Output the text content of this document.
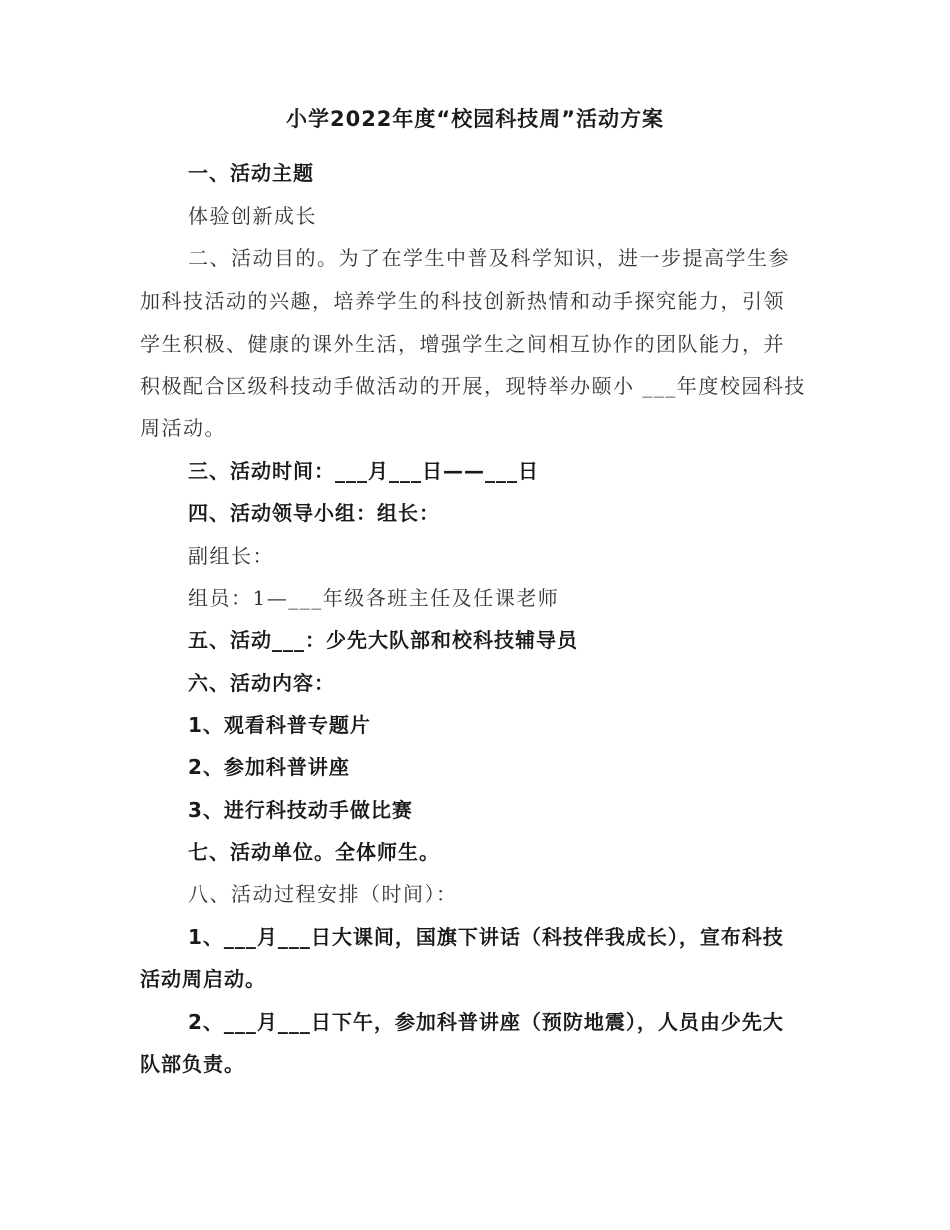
小学2022年度“校园科技周”活动方案
一、活动主题
体验创新成长
二、活动目的。为了在学生中普及科学知识，进一步提高学生参
加科技活动的兴趣，培养学生的科技创新热情和动手探究能力，引领
学生积极、健康的课外生活，增强学生之间相互协作的团队能力，并
积极配合区级科技动手做活动的开展，现特举办颐小 ___年度校园科技
周活动。
三、活动时间：___月___日——___日
四、活动领导小组：组长：
副组长：
组员：1—___年级各班主任及任课老师
五、活动___：少先大队部和校科技辅导员
六、活动内容：
1、观看科普专题片
2、参加科普讲座
3、进行科技动手做比赛
七、活动单位。全体师生。
八、活动过程安排（时间）：
1、___月___日大课间，国旗下讲话（科技伴我成长），宣布科技
活动周启动。
2、___月___日下午，参加科普讲座（预防地震），人员由少先大
队部负责。
